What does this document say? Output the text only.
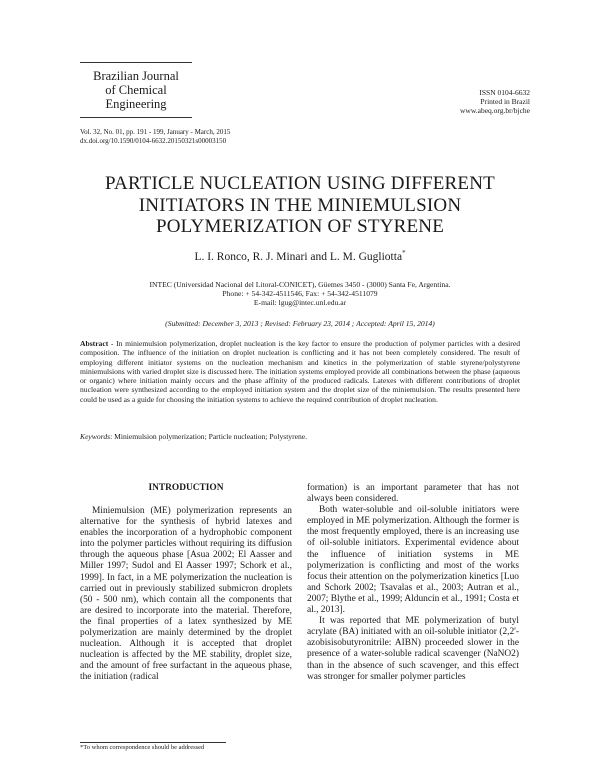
Brazilian Journal
of Chemical
Engineering
ISSN 0104-6632
Printed in Brazil
www.abeq.org.br/bjche
Vol. 32, No. 01, pp. 191 - 199, January - March, 2015
dx.doi.org/10.1590/0104-6632.20150321s00003150
PARTICLE NUCLEATION USING DIFFERENT
INITIATORS IN THE MINIEMULSION
POLYMERIZATION OF STYRENE
L. I. Ronco, R. J. Minari and L. M. Gugliotta*
INTEC (Universidad Nacional del Litoral-CONICET), Güemes 3450 - (3000) Santa Fe, Argentina.
Phone: + 54-342-4511546, Fax: + 54-342-4511079
E-mail: lgug@intec.unl.edu.ar
(Submitted: December 3, 2013 ; Revised: February 23, 2014 ; Accepted: April 15, 2014)
Abstract - In miniemulsion polymerization, droplet nucleation is the key factor to ensure the production of polymer particles with a desired composition. The influence of the initiation on droplet nucleation is conflicting and it has not been completely considered. The result of employing different initiator systems on the nucleation mechanism and kinetics in the polymerization of stable styrene/polystyrene miniemulsions with varied droplet size is discussed here. The initiation systems employed provide all combinations between the phase (aqueous or organic) where initiation mainly occurs and the phase affinity of the produced radicals. Latexes with different contributions of droplet nucleation were synthesized according to the employed initiation system and the droplet size of the miniemulsion. The results presented here could be used as a guide for choosing the initiation systems to achieve the required contribution of droplet nucleation.
Keywords: Miniemulsion polymerization; Particle nucleation; Polystyrene.
INTRODUCTION

Miniemulsion (ME) polymerization represents an alternative for the synthesis of hybrid latexes and enables the incorporation of a hydrophobic component into the polymer particles without requiring its diffusion through the aqueous phase [Asua 2002; El Aasser and Miller 1997; Sudol and El Aasser 1997; Schork et al., 1999]. In fact, in a ME polymerization the nucleation is carried out in previously stabilized submicron droplets (50 - 500 nm), which contain all the components that are desired to incorporate into the material. Therefore, the final properties of a latex synthesized by ME polymerization are mainly determined by the droplet nucleation. Although it is accepted that droplet nucleation is affected by the ME stability, droplet size, and the amount of free surfactant in the aqueous phase, the initiation (radical

formation) is an important parameter that has not always been considered.

Both water-soluble and oil-soluble initiators were employed in ME polymerization. Although the former is the most frequently employed, there is an increasing use of oil-soluble initiators. Experimental evidence about the influence of initiation systems in ME polymerization is conflicting and most of the works focus their attention on the polymerization kinetics [Luo and Schork 2002; Tsavalas et al., 2003; Autran et al., 2007; Blythe et al., 1999; Alduncin et al., 1991; Costa et al., 2013].

It was reported that ME polymerization of butyl acrylate (BA) initiated with an oil-soluble initiator (2,2'-azobisisobutyronitrile: AIBN) proceeded slower in the presence of a water-soluble radical scavenger (NaNO2) than in the absence of such scavenger, and this effect was stronger for smaller polymer particles

*To whom correspondence should be addressed
